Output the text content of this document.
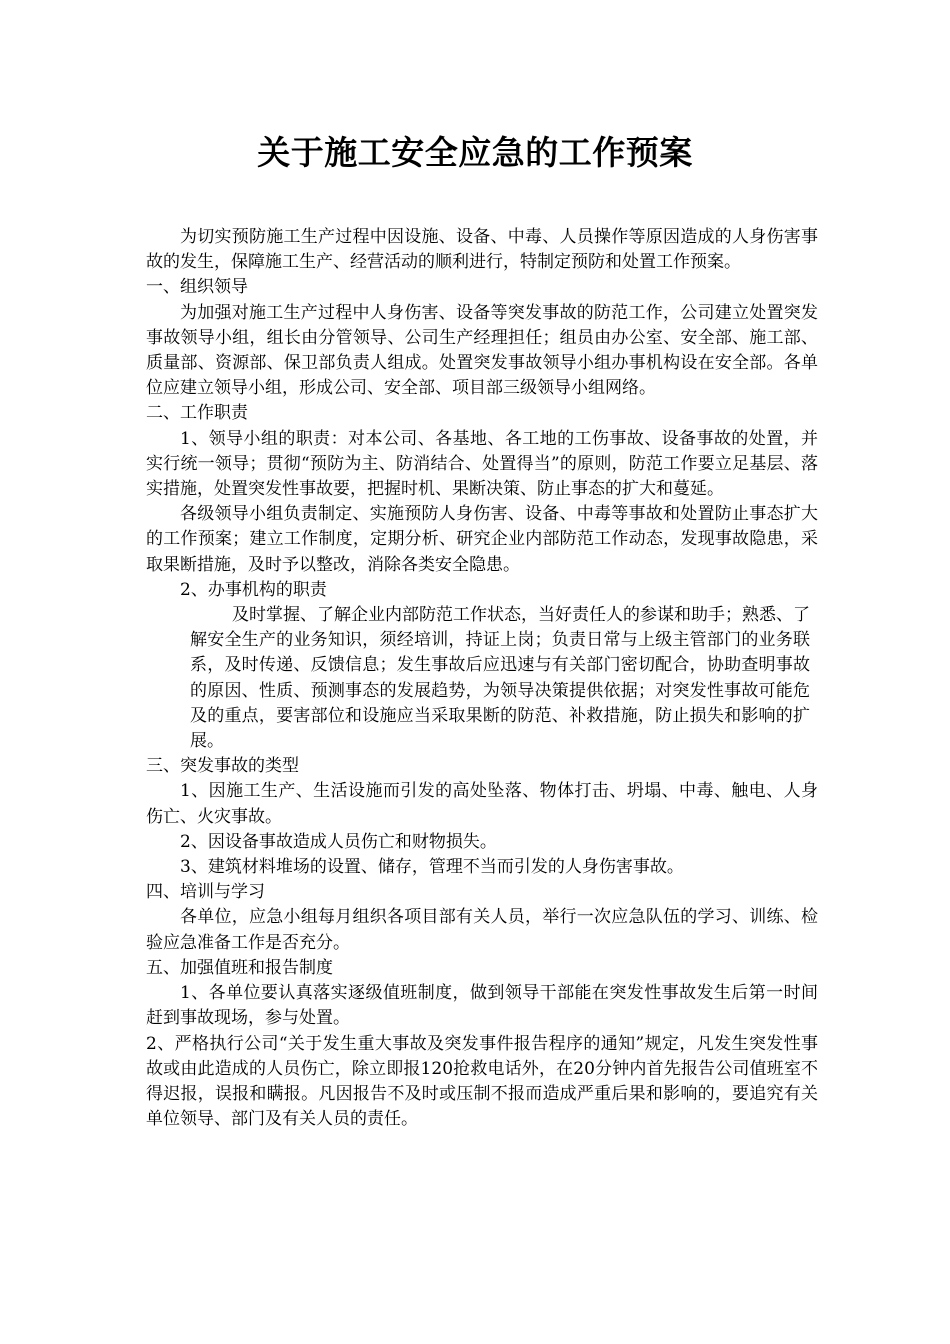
关于施工安全应急的工作预案

为切实预防施工生产过程中因设施、设备、中毒、人员操作等原因造成的人身伤害事故的发生，保障施工生产、经营活动的顺利进行，特制定预防和处置工作预案。

一、组织领导

为加强对施工生产过程中人身伤害、设备等突发事故的防范工作，公司建立处置突发事故领导小组，组长由分管领导、公司生产经理担任；组员由办公室、安全部、施工部、质量部、资源部、保卫部负责人组成。处置突发事故领导小组办事机构设在安全部。各单位应建立领导小组，形成公司、安全部、项目部三级领导小组网络。

二、工作职责

1、领导小组的职责：对本公司、各基地、各工地的工伤事故、设备事故的处置，并实行统一领导；贯彻“预防为主、防消结合、处置得当”的原则，防范工作要立足基层、落实措施，处置突发性事故要，把握时机、果断决策、防止事态的扩大和蔓延。

各级领导小组负责制定、实施预防人身伤害、设备、中毒等事故和处置防止事态扩大的工作预案；建立工作制度，定期分析、研究企业内部防范工作动态，发现事故隐患，采取果断措施，及时予以整改，消除各类安全隐患。

2、办事机构的职责

及时掌握、了解企业内部防范工作状态，当好责任人的参谋和助手；熟悉、了解安全生产的业务知识，须经培训，持证上岗；负责日常与上级主管部门的业务联系，及时传递、反馈信息；发生事故后应迅速与有关部门密切配合，协助查明事故的原因、性质、预测事态的发展趋势，为领导决策提供依据；对突发性事故可能危及的重点，要害部位和设施应当采取果断的防范、补救措施，防止损失和影响的扩展。

三、突发事故的类型

1、因施工生产、生活设施而引发的高处坠落、物体打击、坍塌、中毒、触电、人身伤亡、火灾事故。

2、因设备事故造成人员伤亡和财物损失。

3、建筑材料堆场的设置、储存，管理不当而引发的人身伤害事故。

四、培训与学习

各单位，应急小组每月组织各项目部有关人员，举行一次应急队伍的学习、训练、检验应急准备工作是否充分。

五、加强值班和报告制度

1、各单位要认真落实逐级值班制度，做到领导干部能在突发性事故发生后第一时间赶到事故现场，参与处置。

2、严格执行公司“关于发生重大事故及突发事件报告程序的通知”规定，凡发生突发性事故或由此造成的人员伤亡，除立即报120抢救电话外，在20分钟内首先报告公司值班室不得迟报，误报和瞒报。凡因报告不及时或压制不报而造成严重后果和影响的，要追究有关单位领导、部门及有关人员的责任。
